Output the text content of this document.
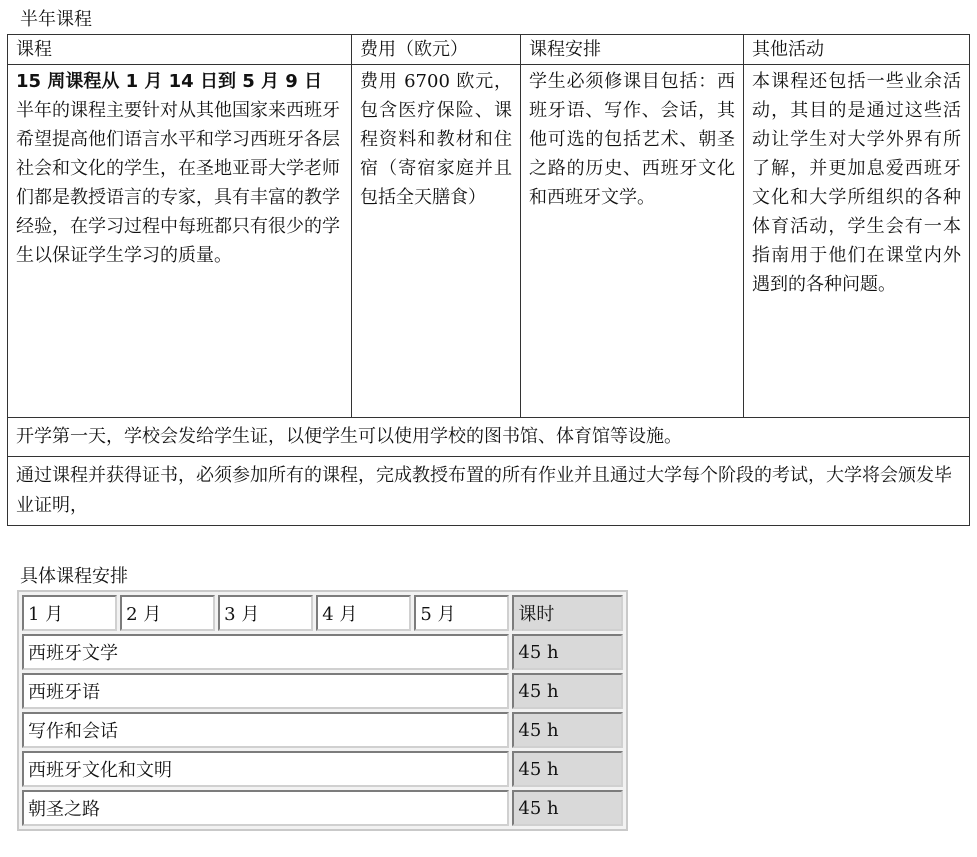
半年课程
课程	费用（欧元）	课程安排	其他活动

15 周课程从 1 月 14 日到 5 月 9 日
半年的课程主要针对从其他国家来西班牙希望提高他们语言水平和学习西班牙各层社会和文化的学生，在圣地亚哥大学老师们都是教授语言的专家，具有丰富的教学经验，在学习过程中每班都只有很少的学生以保证学生学习的质量。	费用 6700 欧元，包含医疗保险、课程资料和教材和住宿（寄宿家庭并且包括全天膳食）	学生必须修课目包括：西班牙语、写作、会话，其他可选的包括艺术、朝圣之路的历史、西班牙文化和西班牙文学。	本课程还包括一些业余活动，其目的是通过这些活动让学生对大学外界有所了解，并更加息爱西班牙文化和大学所组织的各种体育活动，学生会有一本指南用于他们在课堂内外遇到的各种问题。
开学第一天，学校会发给学生证，以便学生可以使用学校的图书馆、体育馆等设施。			
通过课程并获得证书，必须参加所有的课程，完成教授布置的所有作业并且通过大学每个阶段的考试，大学将会颁发毕业证明，			
具体课程安排
1 月	2 月	3 月	4 月	5 月	课时
西班牙文学					45 h
西班牙语					45 h
写作和会话					45 h
西班牙文化和文明					45 h
朝圣之路					45 h
